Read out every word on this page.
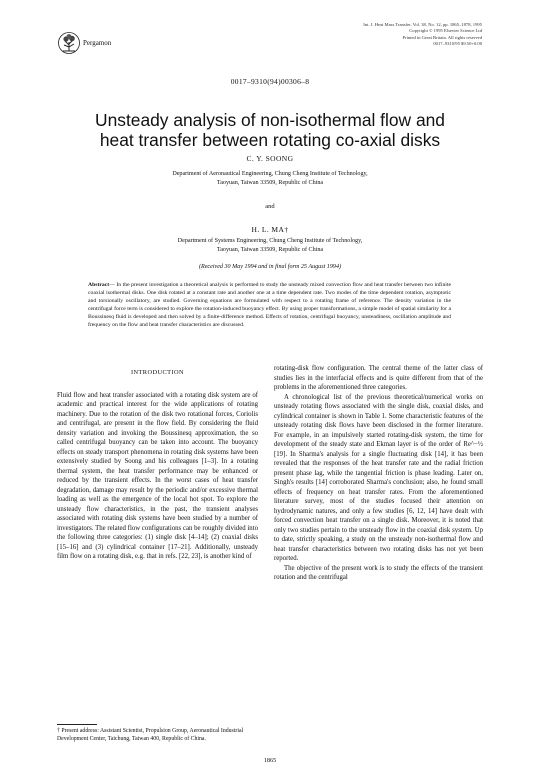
Pergamon
Int. J. Heat Mass Transfer. Vol. 38, No. 12, pp. 1865–1878, 1995
Copyright © 1995 Elsevier Science Ltd
Printed in Great Britain. All rights reserved
0017–9310/95 $9.50+0.00
0017–9310(94)00306–8
Unsteady analysis of non-isothermal flow and
heat transfer between rotating co-axial disks
C. Y. SOONG
Department of Aeronautical Engineering, Chung Cheng Institute of Technology,
Taoyuan, Taiwan 33509, Republic of China
and
H. L. MA†
Department of Systems Engineering, Chung Cheng Institute of Technology,
Taoyuan, Taiwan 33509, Republic of China
(Received 30 May 1994 and in final form 25 August 1994)
Abstract— In the present investigation a theoretical analysis is performed to study the unsteady mixed convection flow and heat transfer between two infinite coaxial isothermal disks. One disk rotated at a constant rate and another one at a time dependent rate. Two modes of the time dependent rotation, asymptotic and torsionally oscillatory, are studied. Governing equations are formulated with respect to a rotating frame of reference. The density variation in the centrifugal force term is considered to explore the rotation-induced buoyancy effect. By using proper transformations, a simple model of spatial similarity for a Boussinesq fluid is developed and then solved by a finite-difference method. Effects of rotation, centrifugal buoyancy, unsteadiness, oscillation amplitude and frequency on the flow and heat transfer characteristics are discussed.

INTRODUCTION

Fluid flow and heat transfer associated with a rotating disk system are of academic and practical interest for the wide applications of rotating machinery. Due to the rotation of the disk two rotational forces, Coriolis and centrifugal, are present in the flow field. By considering the fluid density variation and invoking the Boussinesq approximation, the so called centrifugal buoyancy can be taken into account. The buoyancy effects on steady transport phenomena in rotating disk systems have been extensively studied by Soong and his colleagues [1–3]. In a rotating thermal system, the heat transfer performance may be enhanced or reduced by the transient effects. In the worst cases of heat transfer degradation, damage may result by the periodic and/or excessive thermal loading as well as the emergence of the local hot spot. To explore the unsteady flow characteristics, in the past, the transient analyses associated with rotating disk systems have been studied by a number of investigators. The related flow configurations can be roughly divided into the following three categories: (1) single disk [4–14]; (2) coaxial disks [15–16] and (3) cylindrical container [17–21]. Additionally, unsteady film flow on a rotating disk, e.g. that in refs. [22, 23], is another kind of

† Present address: Assistant Scientist, Propulsion Group, Aeronautical Industrial Development Center, Taichung, Taiwan 400, Republic of China.

rotating-disk flow configuration. The central theme of the latter class of studies lies in the interfacial effects and is quite different from that of the problems in the aforementioned three categories.

A chronological list of the previous theoretical/numerical works on unsteady rotating flows associated with the single disk, coaxial disks, and cylindrical container is shown in Table 1. Some characteristic features of the unsteady rotating disk flows have been disclosed in the former literature. For example, in an impulsively started rotating-disk system, the time for development of the steady state and Ekman layer is of the order of Re^−½ [19]. In Sharma's analysis for a single fluctuating disk [14], it has been revealed that the responses of the heat transfer rate and the radial friction present phase lag, while the tangential friction is phase leading. Later on, Singh's results [14] corroborated Sharma's conclusion; also, he found small effects of frequency on heat transfer rates. From the aforementioned literature survey, most of the studies focused their attention on hydrodynamic natures, and only a few studies [6, 12, 14] have dealt with forced convection heat transfer on a single disk. Moreover, it is noted that only two studies pertain to the unsteady flow in the coaxial disk system. Up to date, strictly speaking, a study on the unsteady non-isothermal flow and heat transfer characteristics between two rotating disks has not yet been reported.

The objective of the present work is to study the effects of the transient rotation and the centrifugal

1865
